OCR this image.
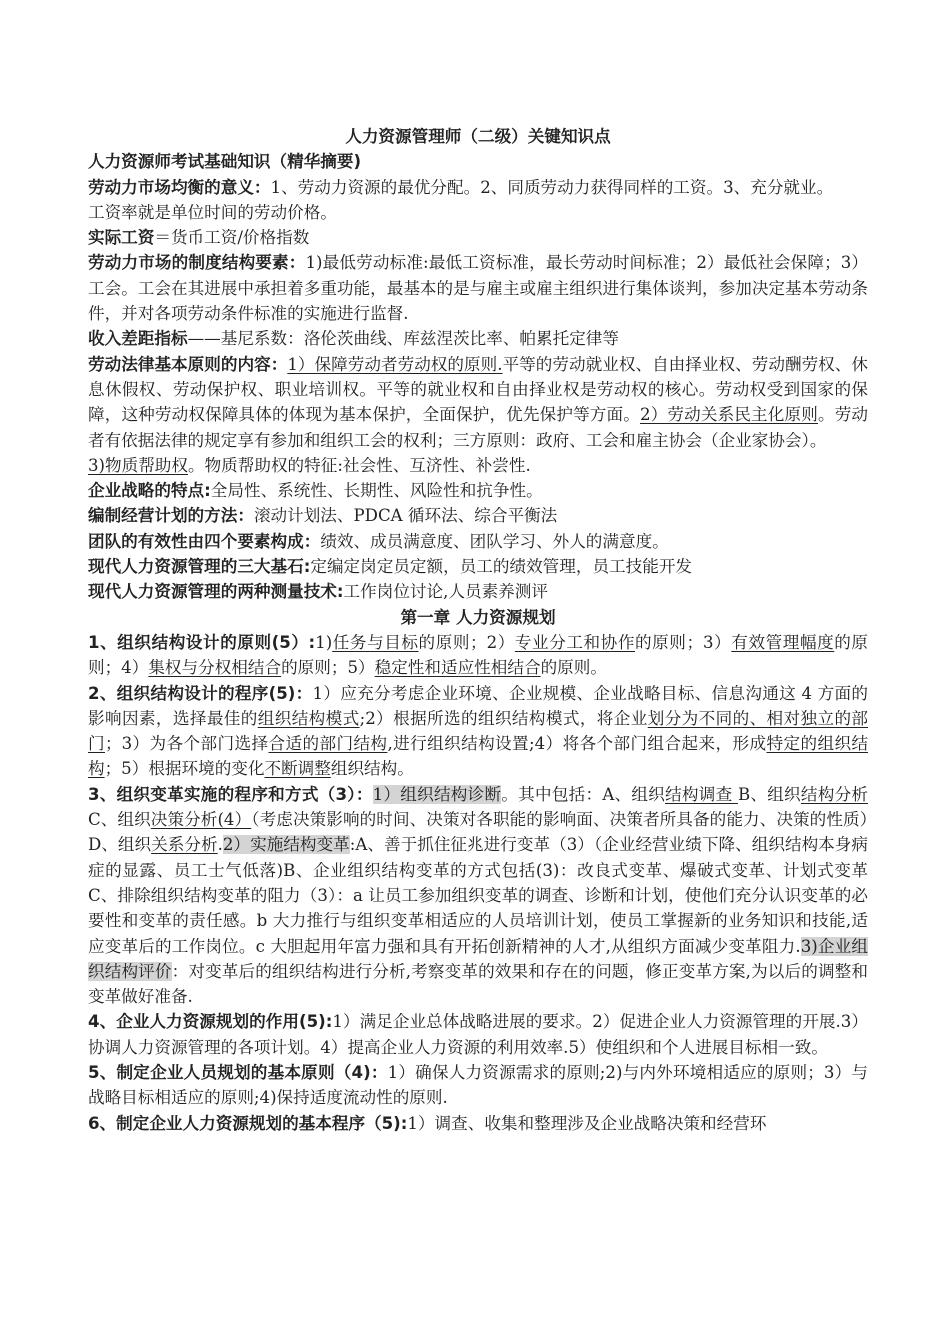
人力资源管理师（二级）关键知识点

人力资源师考试基础知识（精华摘要)

劳动力市场均衡的意义：1、劳动力资源的最优分配。2、同质劳动力获得同样的工资。3、充分就业。

工资率就是单位时间的劳动价格。

实际工资＝货币工资/价格指数

劳动力市场的制度结构要素：1)最低劳动标准:最低工资标准，最长劳动时间标准；2）最低社会保障；3） 工会。工会在其进展中承担着多重功能，最基本的是与雇主或雇主组织进行集体谈判，参加决定基本劳动条件，并对各项劳动条件标准的实施进行监督.

收入差距指标——基尼系数：洛伦茨曲线、库兹涅茨比率、帕累托定律等

劳动法律基本原则的内容：1）保障劳动者劳动权的原则.平等的劳动就业权、自由择业权、劳动酬劳权、休息休假权、劳动保护权、职业培训权。平等的就业权和自由择业权是劳动权的核心。劳动权受到国家的保障，这种劳动权保障具体的体现为基本保护，全面保护，优先保护等方面。2）劳动关系民主化原则。劳动者有依据法律的规定享有参加和组织工会的权利；三方原则：政府、工会和雇主协会（企业家协会）。

3)物质帮助权。物质帮助权的特征:社会性、互济性、补尝性.

企业战略的特点:全局性、系统性、长期性、风险性和抗争性。

编制经营计划的方法：滚动计划法、PDCA 循环法、综合平衡法

团队的有效性由四个要素构成：绩效、成员满意度、团队学习、外人的满意度。

现代人力资源管理的三大基石:定编定岗定员定额，员工的绩效管理，员工技能开发

现代人力资源管理的两种测量技术:工作岗位讨论,人员素养测评

第一章 人力资源规划

1、组织结构设计的原则(5）:1)任务与目标的原则；2）专业分工和协作的原则；3）有效管理幅度的原则；4）集权与分权相结合的原则；5）稳定性和适应性相结合的原则。

2、组织结构设计的程序(5)：1）应充分考虑企业环境、企业规模、企业战略目标、信息沟通这 4 方面的影响因素，选择最佳的组织结构模式;2）根据所选的组织结构模式，将企业划分为不同的、相对独立的部门；3）为各个部门选择合适的部门结构,进行组织结构设置;4）将各个部门组合起来，形成特定的组织结构；5）根据环境的变化不断调整组织结构。

3、组织变革实施的程序和方式（3）：1）组织结构诊断。其中包括：A、组织结构调查 B、组织结构分析 C、组织决策分析(4）（考虑决策影响的时间、决策对各职能的影响面、决策者所具备的能力、决策的性质）D、组织关系分析.2）实施结构变革:A、善于抓住征兆进行变革（3）（企业经营业绩下降、组织结构本身病症的显露、员工士气低落)B、企业组织结构变革的方式包括(3)：改良式变革、爆破式变革、计划式变革 C、排除组织结构变革的阻力（3）：a 让员工参加组织变革的调查、诊断和计划，使他们充分认识变革的必要性和变革的责任感。b 大力推行与组织变革相适应的人员培训计划，使员工掌握新的业务知识和技能,适应变革后的工作岗位。c 大胆起用年富力强和具有开拓创新精神的人才,从组织方面减少变革阻力.3)企业组织结构评价：对变革后的组织结构进行分析,考察变革的效果和存在的问题，修正变革方案,为以后的调整和变革做好准备.

4、企业人力资源规划的作用(5):1）满足企业总体战略进展的要求。2）促进企业人力资源管理的开展.3）协调人力资源管理的各项计划。4）提高企业人力资源的利用效率.5）使组织和个人进展目标相一致。

5、制定企业人员规划的基本原则（4)：1）确保人力资源需求的原则;2)与内外环境相适应的原则；3）与战略目标相适应的原则;4)保持适度流动性的原则.

6、制定企业人力资源规划的基本程序（5):1）调查、收集和整理涉及企业战略决策和经营环
